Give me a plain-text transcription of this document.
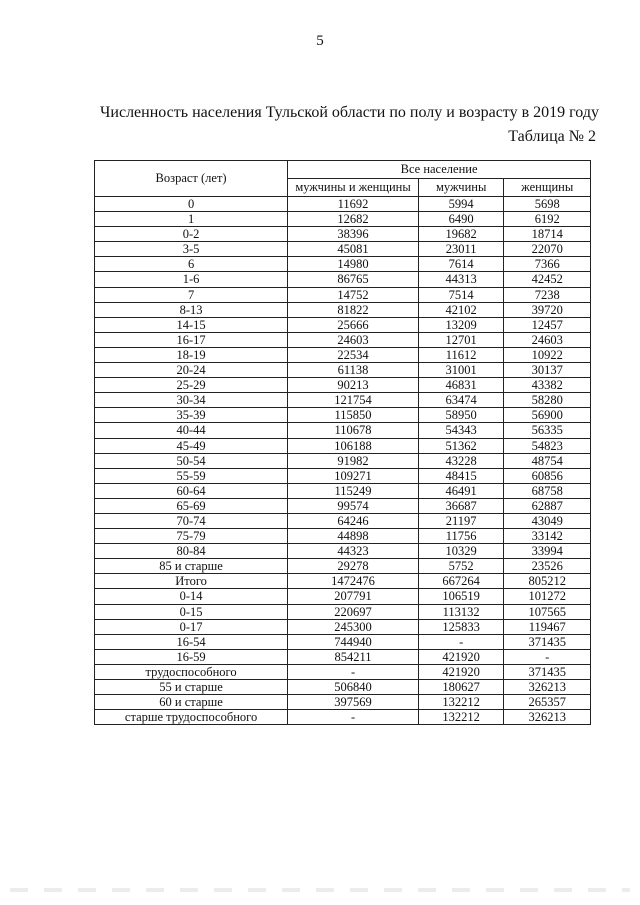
5
Численность населения Тульской области по полу и возрасту в 2019 году
Таблица № 2
Возраст (лет)	Все население		
	мужчины и женщины	мужчины	женщины
0	11692	5994	5698
1	12682	6490	6192
0-2	38396	19682	18714
3-5	45081	23011	22070
6	14980	7614	7366
1-6	86765	44313	42452
7	14752	7514	7238
8-13	81822	42102	39720
14-15	25666	13209	12457
16-17	24603	12701	24603
18-19	22534	11612	10922
20-24	61138	31001	30137
25-29	90213	46831	43382
30-34	121754	63474	58280
35-39	115850	58950	56900
40-44	110678	54343	56335
45-49	106188	51362	54823
50-54	91982	43228	48754
55-59	109271	48415	60856
60-64	115249	46491	68758
65-69	99574	36687	62887
70-74	64246	21197	43049
75-79	44898	11756	33142
80-84	44323	10329	33994
85 и старше	29278	5752	23526
Итого	1472476	667264	805212
0-14	207791	106519	101272
0-15	220697	113132	107565
0-17	245300	125833	119467
16-54	744940	-	371435
16-59	854211	421920	-
трудоспособного	-	421920	371435
55 и старше	506840	180627	326213
60 и старше	397569	132212	265357
старше трудоспособного	-	132212	326213
